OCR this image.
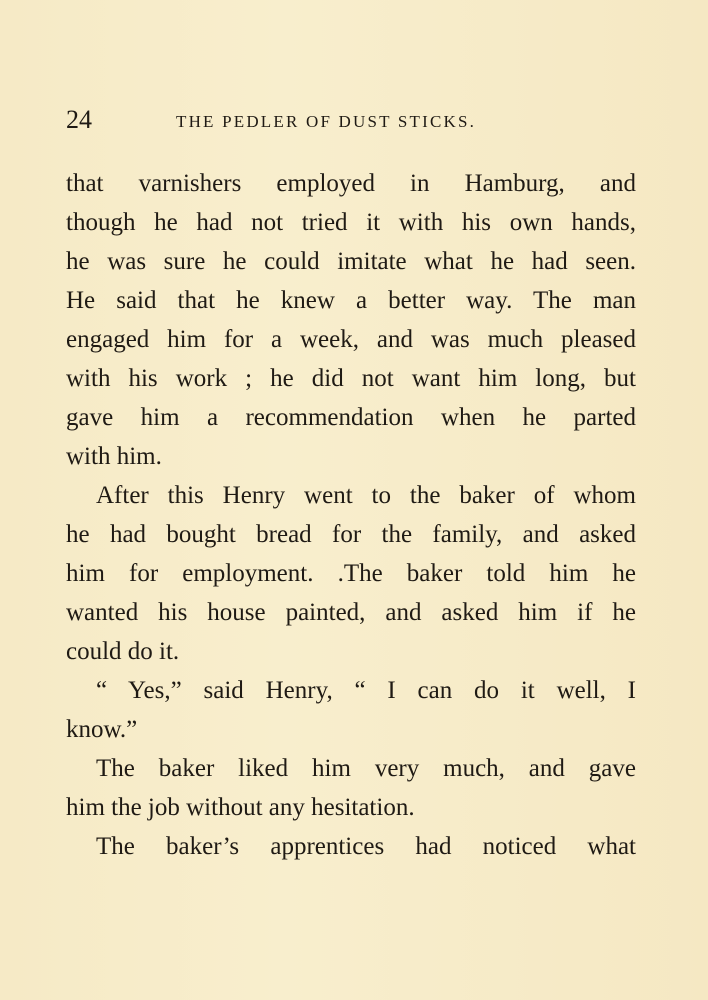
24	THE PEDLER OF DUST STICKS.
that varnishers employed in Hamburg, and
though he had not tried it with his own hands,
he was sure he could imitate what he had seen.
He said that he knew a better way. The man
engaged him for a week, and was much pleased
with his work ; he did not want him long, but
gave him a recommendation when he parted
with him.
After this Henry went to the baker of whom
he had bought bread for the family, and asked
him for employment. .The baker told him he
wanted his house painted, and asked him if he
could do it.
“ Yes,” said Henry, “ I can do it well, I
know.”
The baker liked him very much, and gave
him the job without any hesitation.
The baker’s apprentices had noticed what
